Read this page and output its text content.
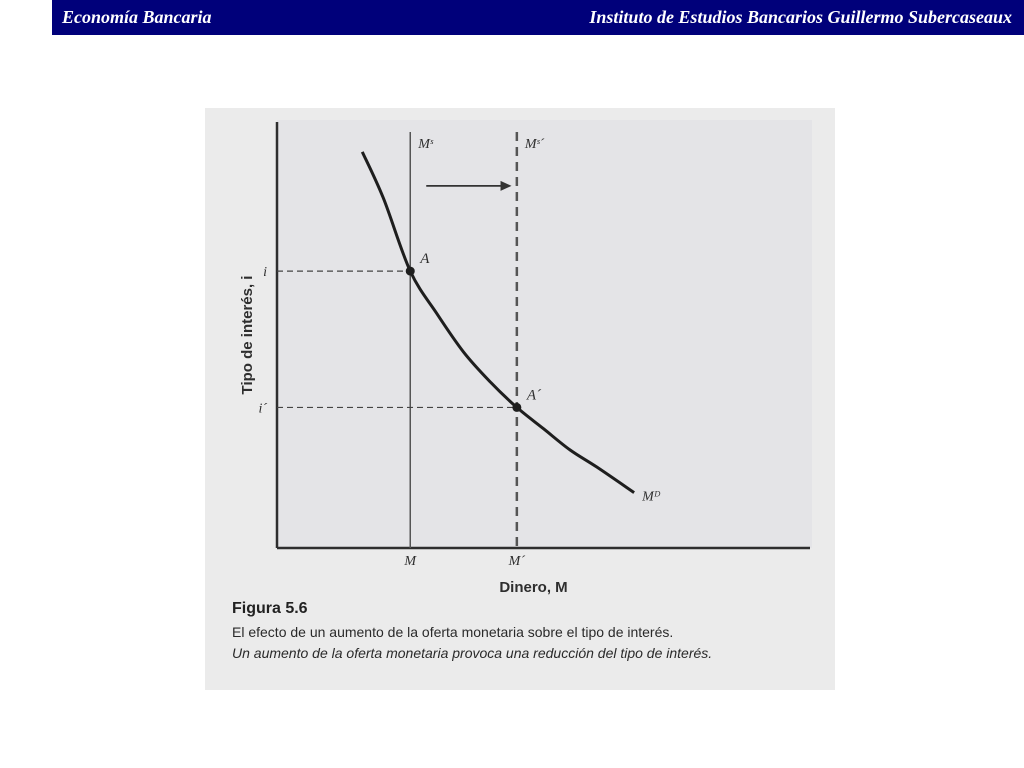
Economía Bancaria	Instituto de Estudios Bancarios Guillermo Subercaseaux
Dinero, M
Tipo de interés, i
M	M´
i
i´
Mˢ	Mˢ´
Mᴰ
A
A´
Figura 5.6
El efecto de un aumento de la oferta monetaria sobre el tipo de interés.
Un aumento de la oferta monetaria provoca una reducción del tipo de interés.
